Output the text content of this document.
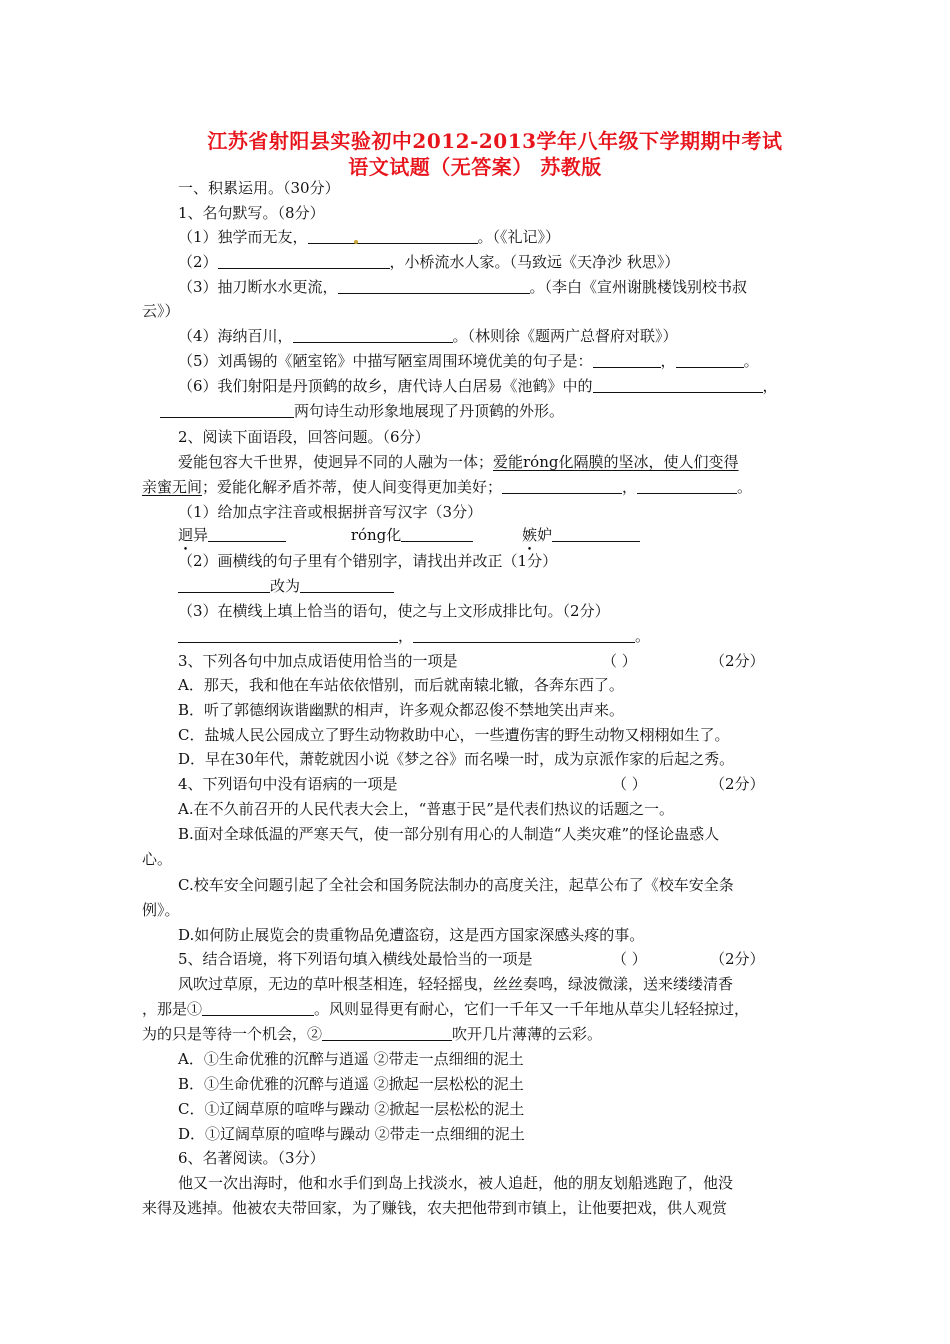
江苏省射阳县实验初中2012-2013学年八年级下学期期中考试
语文试题（无答案） 苏教版
一、积累运用。（30分）
1、名句默写。（8分）
（1）独学而无友，	。（《礼记》）
（2）	，小桥流水人家。（马致远《天净沙 秋思》）
（3）抽刀断水水更流，	。（李白《宣州谢朓楼饯别校书叔
云》）
（4）海纳百川，	。（林则徐《题两广总督府对联》）
（5）刘禹锡的《陋室铭》中描写陋室周围环境优美的句子是：	，	。
（6）我们射阳是丹顶鹤的故乡，唐代诗人白居易《池鹤》中的	，
两句诗生动形象地展现了丹顶鹤的外形。
2、阅读下面语段，回答问题。（6分）
爱能包容大千世界，使迥异不同的人融为一体；爱能róng化隔膜的坚冰，使人们变得
亲蜜无间；爱能化解矛盾芥蒂，使人间变得更加美好；	，	。
（1）给加点字注音或根据拼音写汉字（3分）
迥异	róng化	嫉妒
（2）画横线的句子里有个错别字，请找出并改正（1分）
改为
（3）在横线上填上恰当的语句，使之与上文形成排比句。（2分）
，	。
3、下列各句中加点成语使用恰当的一项是	（ ）	（2分）
A．那天，我和他在车站依依惜别，而后就南辕北辙，各奔东西了。
B．听了郭德纲诙谐幽默的相声，许多观众都忍俊不禁地笑出声来。
C．盐城人民公园成立了野生动物救助中心，一些遭伤害的野生动物又栩栩如生了。
D．早在30年代，萧乾就因小说《梦之谷》而名噪一时，成为京派作家的后起之秀。
4、下列语句中没有语病的一项是	（ ）	（2分）
A.在不久前召开的人民代表大会上，“普惠于民”是代表们热议的话题之一。
B.面对全球低温的严寒天气，使一部分别有用心的人制造“人类灾难”的怪论蛊惑人
心。
C.校车安全问题引起了全社会和国务院法制办的高度关注，起草公布了《校车安全条
例》。
D.如何防止展览会的贵重物品免遭盗窃，这是西方国家深感头疼的事。
5、结合语境，将下列语句填入横线处最恰当的一项是	（ ）	（2分）
风吹过草原，无边的草叶根茎相连，轻轻摇曳，丝丝奏鸣，绿波微漾，送来缕缕清香
，那是①	。风则显得更有耐心，它们一千年又一千年地从草尖儿轻轻掠过，
为的只是等待一个机会，②	吹开几片薄薄的云彩。
A．①生命优雅的沉醉与逍遥 ②带走一点细细的泥土
B．①生命优雅的沉醉与逍遥 ②掀起一层松松的泥土
C．①辽阔草原的喧哗与躁动 ②掀起一层松松的泥土
D．①辽阔草原的喧哗与躁动 ②带走一点细细的泥土
6、名著阅读。（3分）
他又一次出海时，他和水手们到岛上找淡水，被人追赶，他的朋友划船逃跑了，他没
来得及逃掉。他被农夫带回家，为了赚钱，农夫把他带到市镇上，让他要把戏，供人观赏
